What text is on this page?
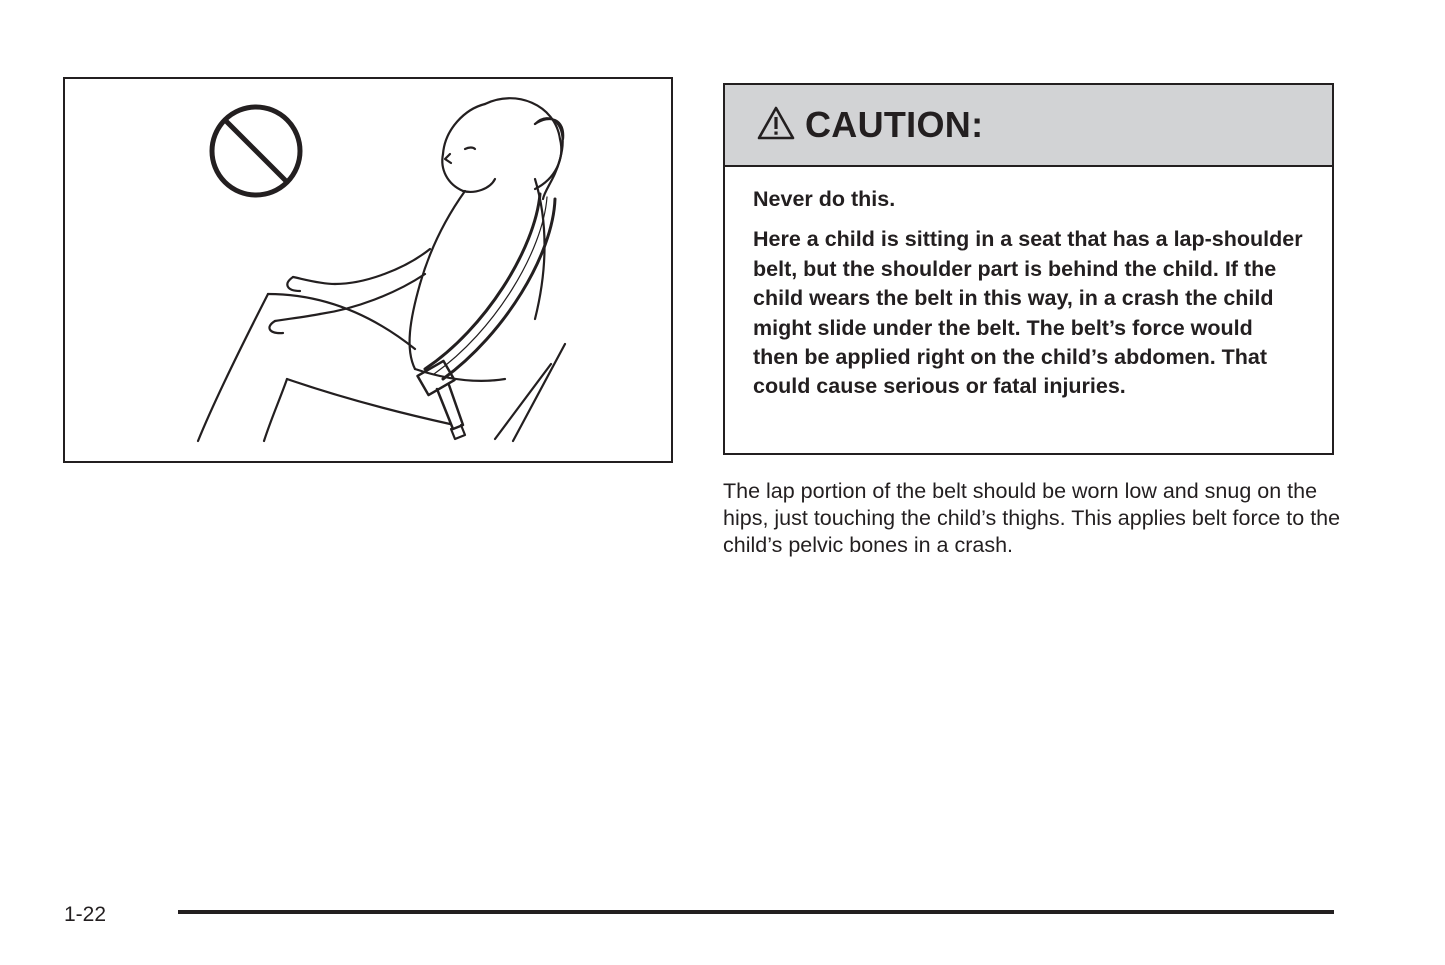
CAUTION:

Never do this.

Here a child is sitting in a seat that has a lap-shoulder belt, but the shoulder part is behind the child. If the child wears the belt in this way, in a crash the child might slide under the belt. The belt’s force would then be applied right on the child’s abdomen. That could cause serious or fatal injuries.

The lap portion of the belt should be worn low and snug on the hips, just touching the child’s thighs. This applies belt force to the child’s pelvic bones in a crash.

1-22
